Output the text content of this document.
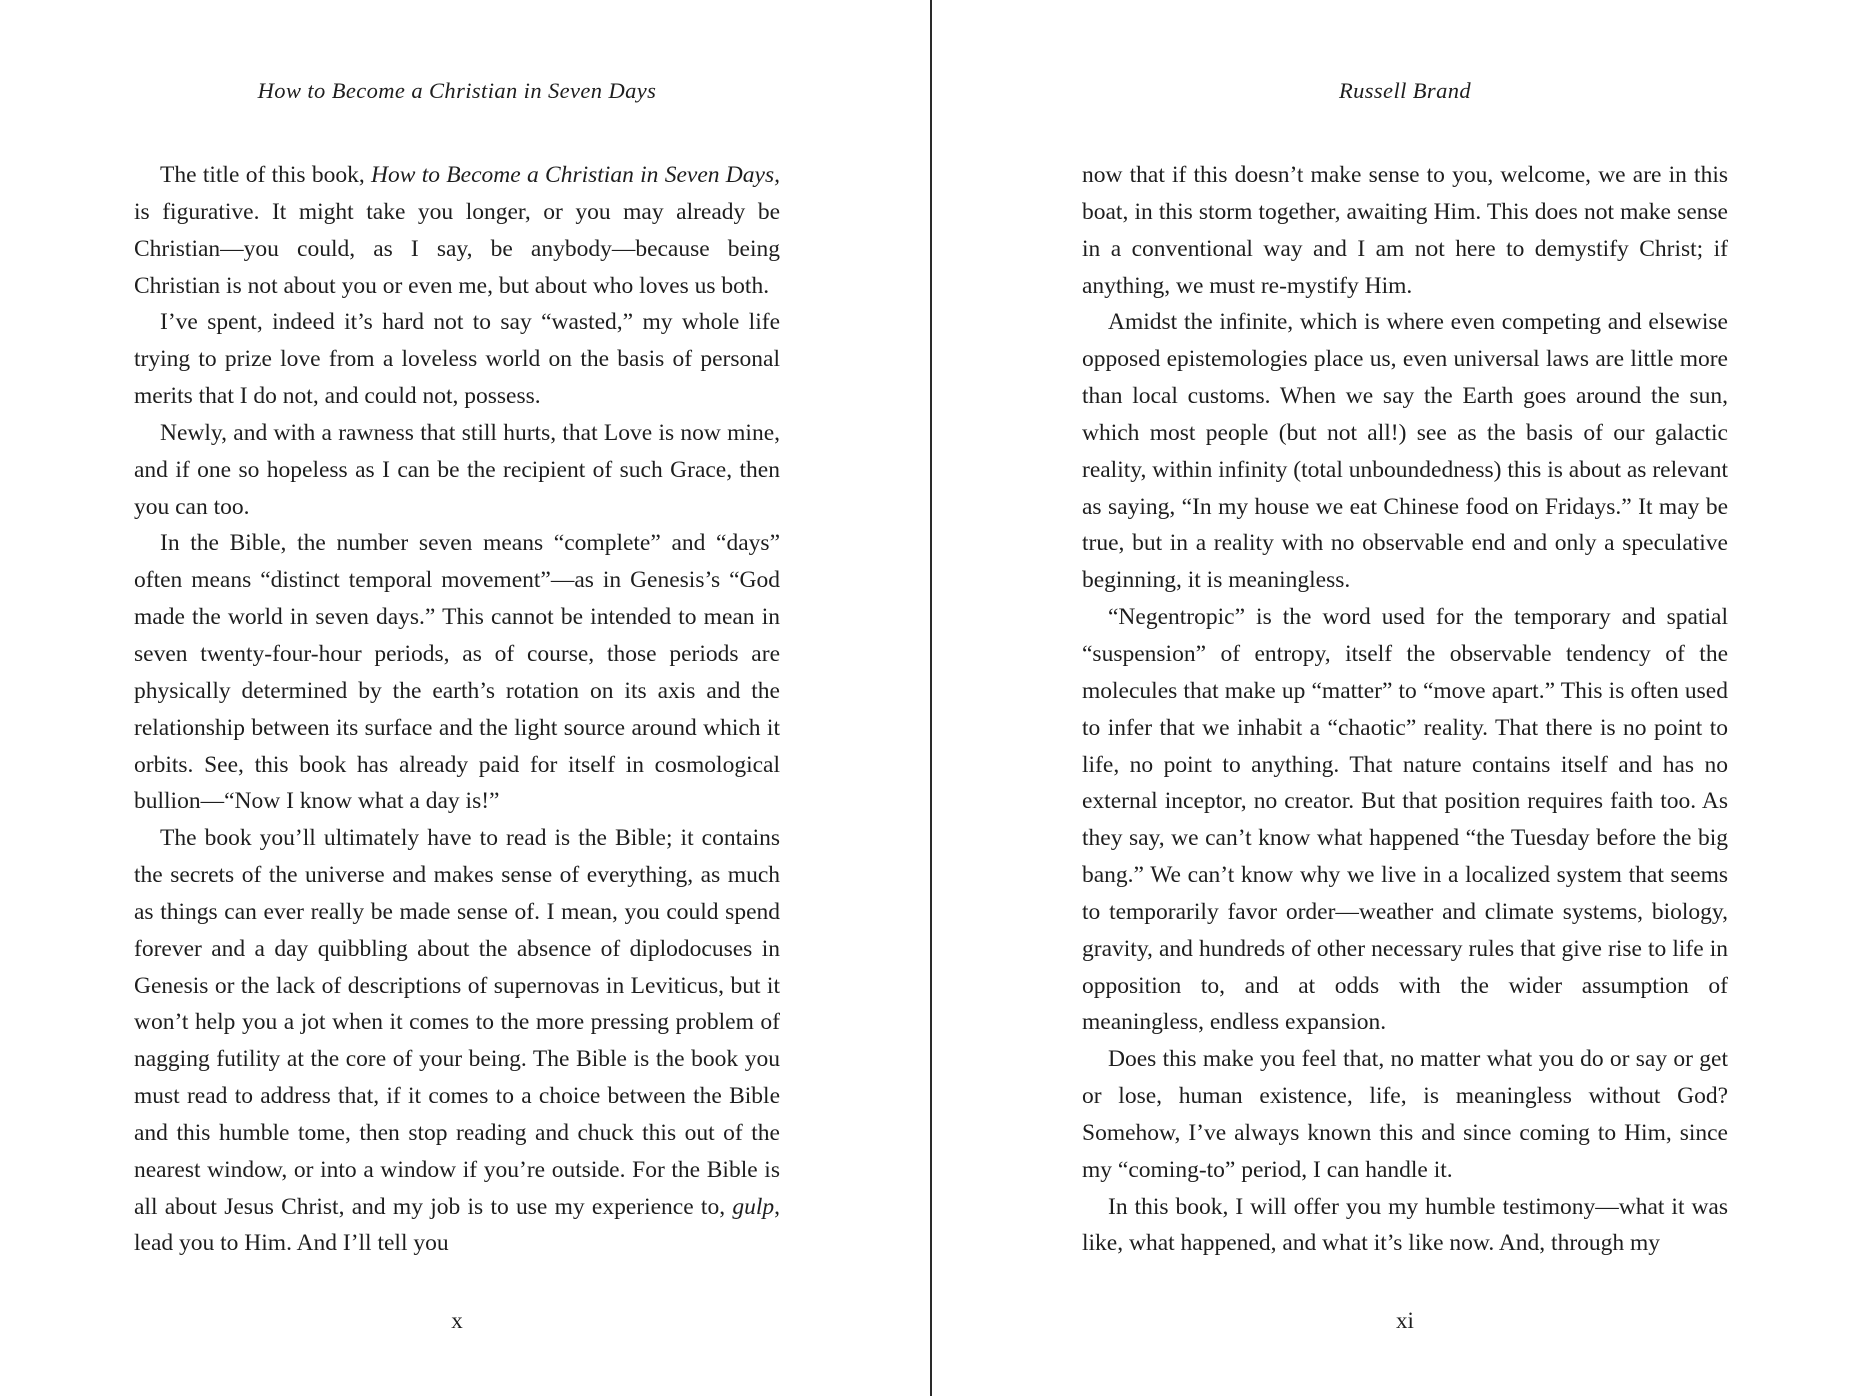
How to Become a Christian in Seven Days

The title of this book, How to Become a Christian in Seven Days, is figurative. It might take you longer, or you may already be Christian—you could, as I say, be anybody—because being Christian is not about you or even me, but about who loves us both.

I’ve spent, indeed it’s hard not to say “wasted,” my whole life trying to prize love from a loveless world on the basis of personal merits that I do not, and could not, possess.

Newly, and with a rawness that still hurts, that Love is now mine, and if one so hopeless as I can be the recipient of such Grace, then you can too.

In the Bible, the number seven means “complete” and “days” often means “distinct temporal movement”—as in Genesis’s “God made the world in seven days.” This cannot be intended to mean in seven twenty-four-hour periods, as of course, those periods are physically determined by the earth’s rotation on its axis and the relationship between its surface and the light source around which it orbits. See, this book has already paid for itself in cosmological bullion—“Now I know what a day is!”

The book you’ll ultimately have to read is the Bible; it contains the secrets of the universe and makes sense of everything, as much as things can ever really be made sense of. I mean, you could spend forever and a day quibbling about the absence of diplodocuses in Genesis or the lack of descriptions of supernovas in Leviticus, but it won’t help you a jot when it comes to the more pressing problem of nagging futility at the core of your being. The Bible is the book you must read to address that, if it comes to a choice between the Bible and this humble tome, then stop reading and chuck this out of the nearest window, or into a window if you’re outside. For the Bible is all about Jesus Christ, and my job is to use my experience to, gulp, lead you to Him. And I’ll tell you

x
Russell Brand

now that if this doesn’t make sense to you, welcome, we are in this boat, in this storm together, awaiting Him. This does not make sense in a conventional way and I am not here to demystify Christ; if anything, we must re-mystify Him.

Amidst the infinite, which is where even competing and elsewise opposed epistemologies place us, even universal laws are little more than local customs. When we say the Earth goes around the sun, which most people (but not all!) see as the basis of our galactic reality, within infinity (total unboundedness) this is about as relevant as saying, “In my house we eat Chinese food on Fridays.” It may be true, but in a reality with no observable end and only a speculative beginning, it is meaningless.

“Negentropic” is the word used for the temporary and spatial “suspension” of entropy, itself the observable tendency of the molecules that make up “matter” to “move apart.” This is often used to infer that we inhabit a “chaotic” reality. That there is no point to life, no point to anything. That nature contains itself and has no external inceptor, no creator. But that position requires faith too. As they say, we can’t know what happened “the Tuesday before the big bang.” We can’t know why we live in a localized system that seems to temporarily favor order—weather and climate systems, biology, gravity, and hundreds of other necessary rules that give rise to life in opposition to, and at odds with the wider assumption of meaningless, endless expansion.

Does this make you feel that, no matter what you do or say or get or lose, human existence, life, is meaningless without God? Somehow, I’ve always known this and since coming to Him, since my “coming-to” period, I can handle it.

In this book, I will offer you my humble testimony—what it was like, what happened, and what it’s like now. And, through my

xi
